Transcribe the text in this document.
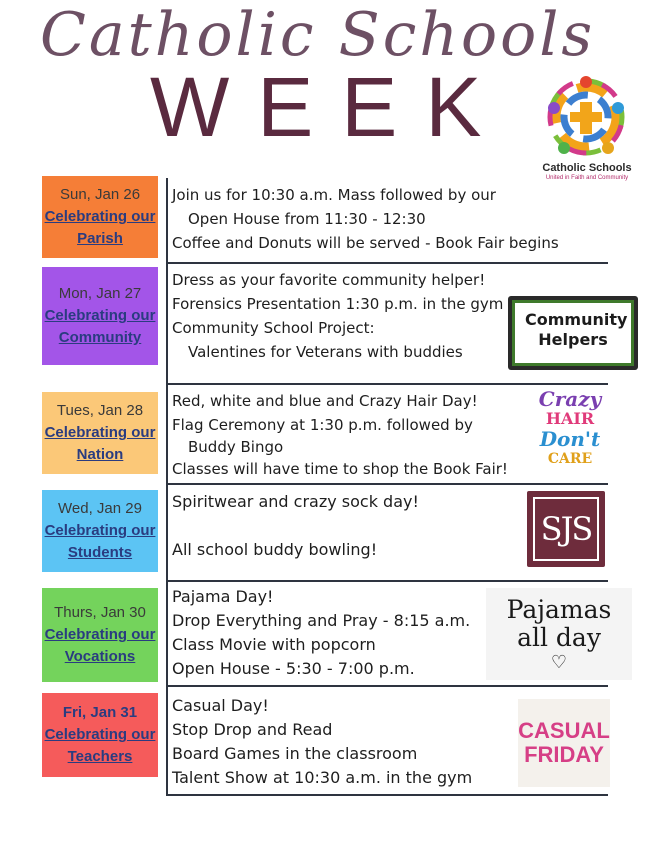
Catholic Schools
WEEK
Catholic Schools
United in Faith and Community
Sun, Jan 26
Celebrating our Parish
Join us for 10:30 a.m. Mass followed by our
Open House from 11:30 - 12:30
Coffee and Donuts will be served - Book Fair begins
Mon, Jan 27
Celebrating our Community
Dress as your favorite community helper!
Forensics Presentation 1:30 p.m. in the gym
Community School Project:
Valentines for Veterans with buddies
Community Helpers
Tues, Jan 28
Celebrating our Nation
Red, white and blue and Crazy Hair Day!
Flag Ceremony at 1:30 p.m. followed by
Buddy Bingo
Classes will have time to shop the Book Fair!
Crazy
HAIR
Don't
CARE
Wed, Jan 29
Celebrating our Students
Spiritwear and crazy sock day!
All school buddy bowling!
SJS
Thurs, Jan 30
Celebrating our Vocations
Pajama Day!
Drop Everything and Pray - 8:15 a.m.
Class Movie with popcorn
Open House - 5:30 - 7:00 p.m.
Pajamas
all day
♡
Fri, Jan 31
Celebrating our Teachers
Casual Day!
Stop Drop and Read
Board Games in the classroom
Talent Show at 10:30 a.m. in the gym
CASUAL
FRIDAY
